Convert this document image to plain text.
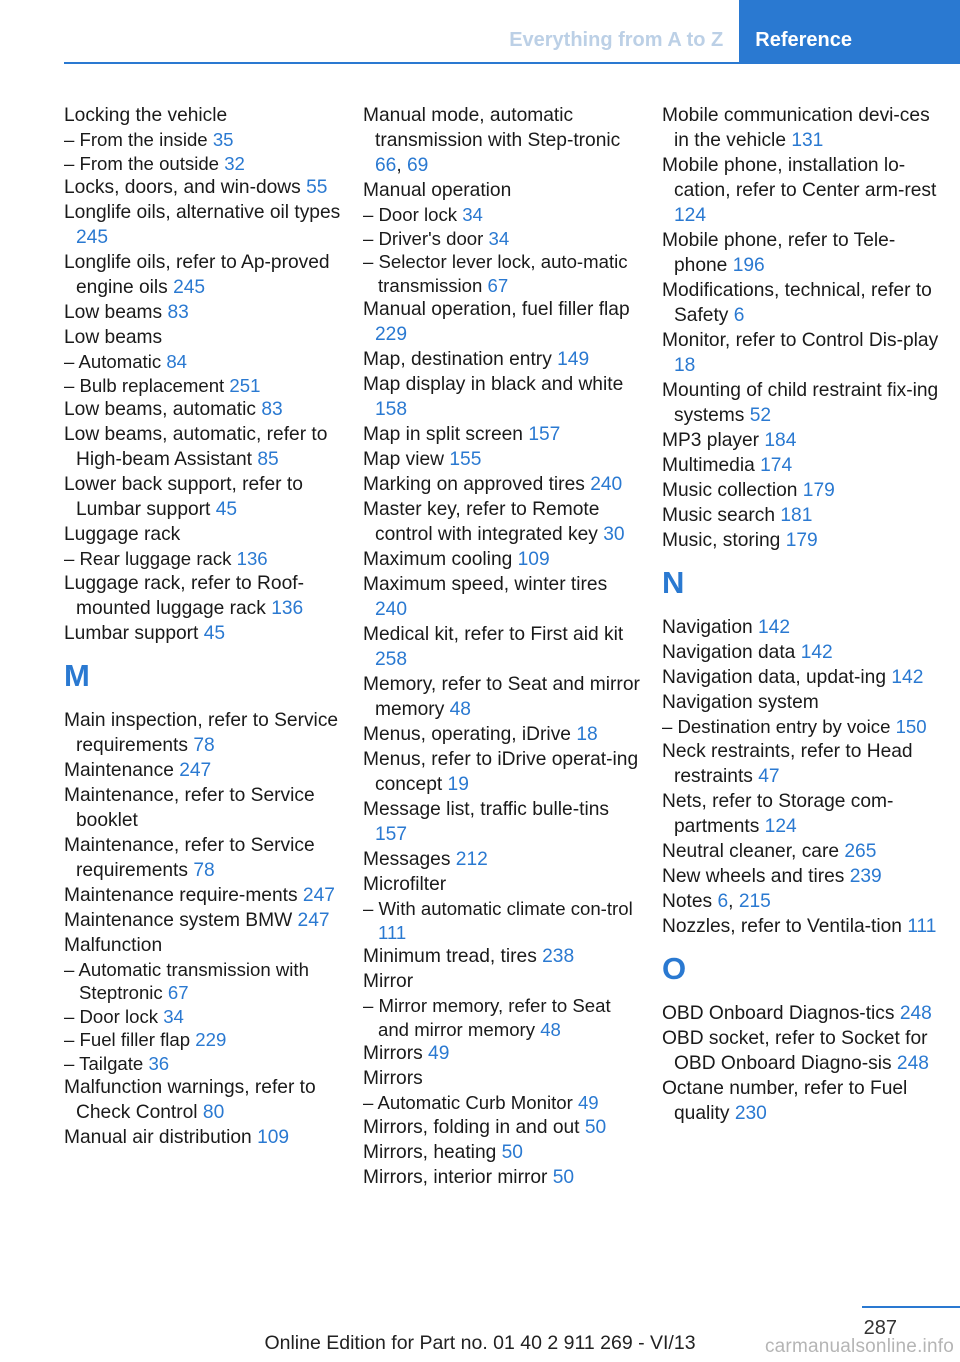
Everything from A to Z	Reference
Locking the vehicle
– From the inside 35
– From the outside 32
Locks, doors, and win-dows 55
Longlife oils, alternative oil types 245
Longlife oils, refer to Ap-proved engine oils 245
Low beams 83
Low beams
– Automatic 84
– Bulb replacement 251
Low beams, automatic 83
Low beams, automatic, refer to High-beam Assistant 85
Lower back support, refer to Lumbar support 45
Luggage rack
– Rear luggage rack 136
Luggage rack, refer to Roof-mounted luggage rack 136
Lumbar support 45
M
Main inspection, refer to Service requirements 78
Maintenance 247
Maintenance, refer to Service booklet
Maintenance, refer to Service requirements 78
Maintenance require-ments 247
Maintenance system BMW 247
Malfunction
– Automatic transmission with Steptronic 67
– Door lock 34
– Fuel filler flap 229
– Tailgate 36
Malfunction warnings, refer to Check Control 80
Manual air distribution 109
Manual mode, automatic transmission with Step-tronic 66, 69
Manual operation
– Door lock 34
– Driver's door 34
– Selector lever lock, auto-matic transmission 67
Manual operation, fuel filler flap 229
Map, destination entry 149
Map display in black and white 158
Map in split screen 157
Map view 155
Marking on approved tires 240
Master key, refer to Remote control with integrated key 30
Maximum cooling 109
Maximum speed, winter tires 240
Medical kit, refer to First aid kit 258
Memory, refer to Seat and mirror memory 48
Menus, operating, iDrive 18
Menus, refer to iDrive operat-ing concept 19
Message list, traffic bulle-tins 157
Messages 212
Microfilter
– With automatic climate con-trol 111
Minimum tread, tires 238
Mirror
– Mirror memory, refer to Seat and mirror memory 48
Mirrors 49
Mirrors
– Automatic Curb Monitor 49
Mirrors, folding in and out 50
Mirrors, heating 50
Mirrors, interior mirror 50
Mobile communication devi-ces in the vehicle 131
Mobile phone, installation lo-cation, refer to Center arm-rest 124
Mobile phone, refer to Tele-phone 196
Modifications, technical, refer to Safety 6
Monitor, refer to Control Dis-play 18
Mounting of child restraint fix-ing systems 52
MP3 player 184
Multimedia 174
Music collection 179
Music search 181
Music, storing 179
N
Navigation 142
Navigation data 142
Navigation data, updat-ing 142
Navigation system
– Destination entry by voice 150
Neck restraints, refer to Head restraints 47
Nets, refer to Storage com-partments 124
Neutral cleaner, care 265
New wheels and tires 239
Notes 6, 215
Nozzles, refer to Ventila-tion 111
O
OBD Onboard Diagnos-tics 248
OBD socket, refer to Socket for OBD Onboard Diagno-sis 248
Octane number, refer to Fuel quality 230
287
Online Edition for Part no. 01 40 2 911 269 - VI/13	carmanualsonline.info
